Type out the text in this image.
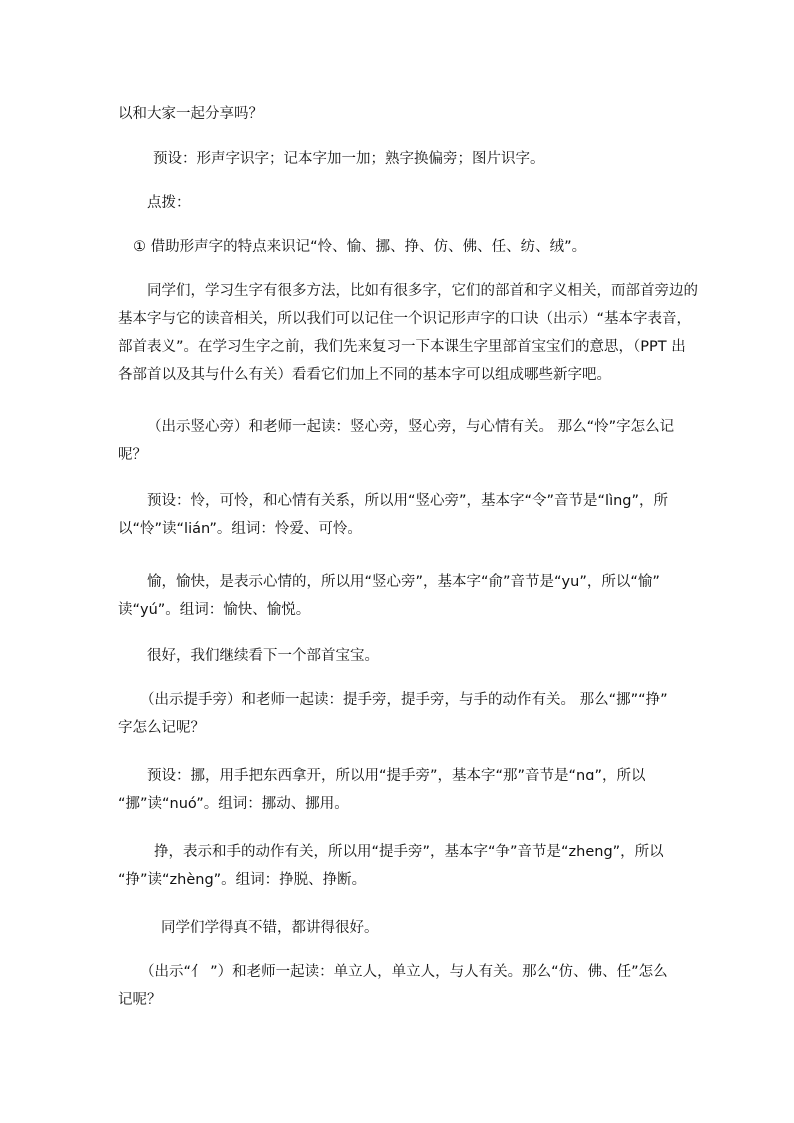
以和大家一起分享吗？
预设：形声字识字；记本字加一加；熟字换偏旁；图片识字。
点拨：
① 借助形声字的特点来识记“怜、愉、挪、挣、仿、佛、任、纺、绒”。
同学们，学习生字有很多方法，比如有很多字，它们的部首和字义相关，而部首旁边的
基本字与它的读音相关，所以我们可以记住一个识记形声字的口诀（出示）“基本字表音，
部首表义”。在学习生字之前，我们先来复习一下本课生字里部首宝宝们的意思，（PPT 出
各部首以及其与什么有关）看看它们加上不同的基本字可以组成哪些新字吧。
（出示竖心旁）和老师一起读：竖心旁，竖心旁，与心情有关。 那么“怜”字怎么记
呢？
预设：怜，可怜，和心情有关系，所以用“竖心旁”，基本字“令”音节是“lìng”，所
以“怜”读“lián”。组词：怜爱、可怜。
愉，愉快，是表示心情的，所以用“竖心旁”，基本字“俞”音节是“yu”，所以“愉”
读“yú”。组词：愉快、愉悦。
很好，我们继续看下一个部首宝宝。
（出示提手旁）和老师一起读：提手旁，提手旁，与手的动作有关。 那么“挪”“挣”
字怎么记呢？
预设：挪，用手把东西拿开，所以用“提手旁”，基本字“那”音节是“nɑ”，所以
“挪”读“nuó”。组词：挪动、挪用。
挣，表示和手的动作有关，所以用“提手旁”，基本字“争”音节是“zheng”，所以
“挣”读“zhèng”。组词：挣脱、挣断。
同学们学得真不错，都讲得很好。
（出示“亻 ”）和老师一起读：单立人，单立人，与人有关。那么“仿、佛、任”怎么
记呢？
